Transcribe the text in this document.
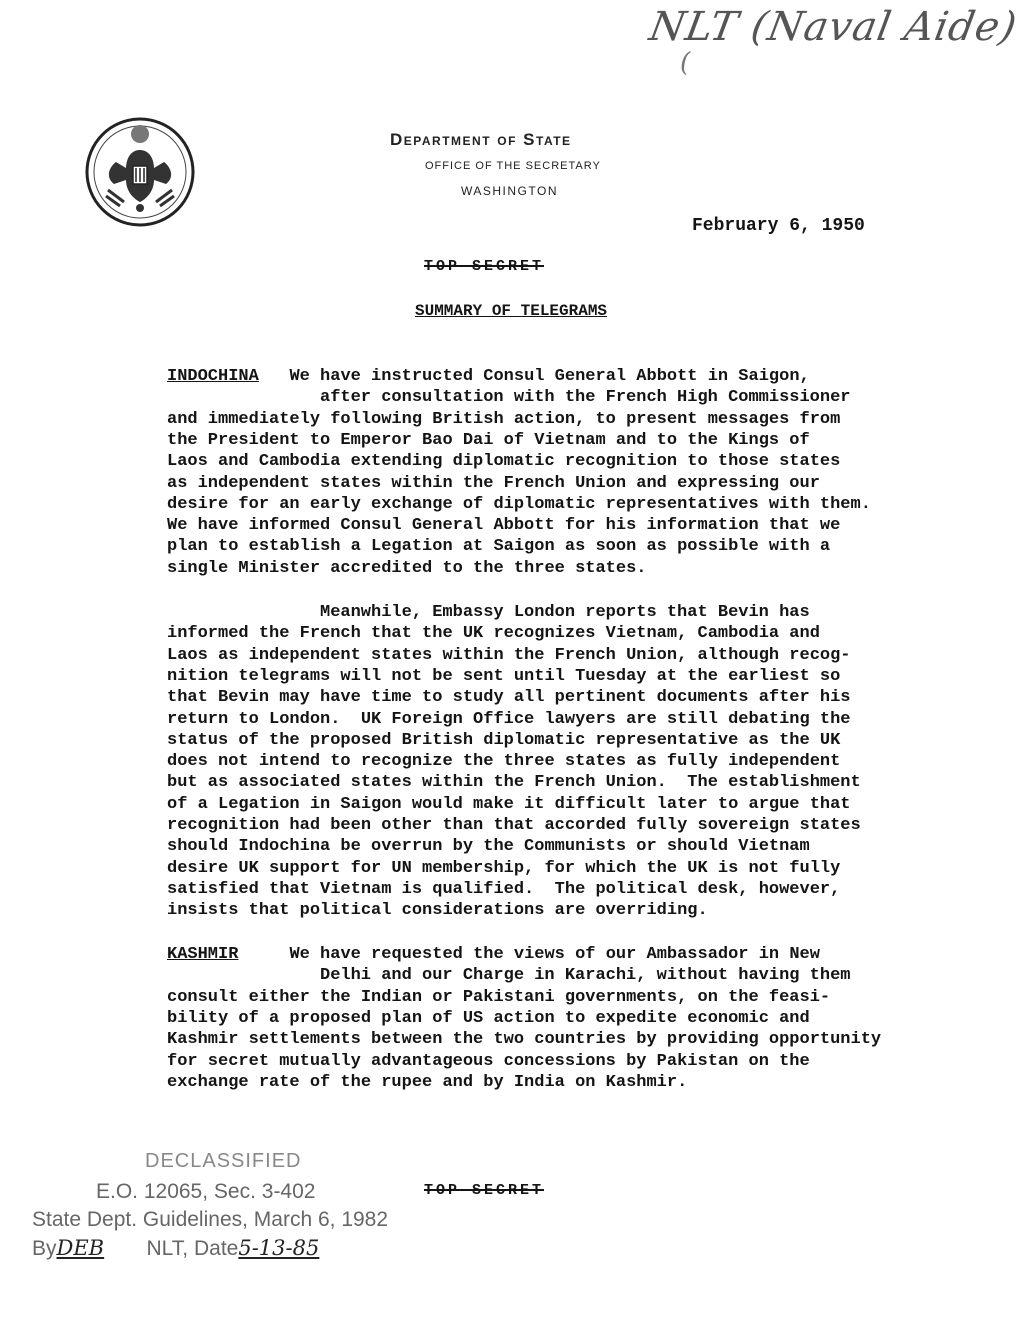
NLT (Naval Aide)
(
Department of State
OFFICE OF THE SECRETARY
WASHINGTON
February 6, 1950
TOP SECRET
SUMMARY OF TELEGRAMS
INDOCHINA We have instructed Consul General Abbott in Saigon,
after consultation with the French High Commissioner
and immediately following British action, to present messages from
the President to Emperor Bao Dai of Vietnam and to the Kings of
Laos and Cambodia extending diplomatic recognition to those states
as independent states within the French Union and expressing our
desire for an early exchange of diplomatic representatives with them.
We have informed Consul General Abbott for his information that we
plan to establish a Legation at Saigon as soon as possible with a
single Minister accredited to the three states.
Meanwhile, Embassy London reports that Bevin has
informed the French that the UK recognizes Vietnam, Cambodia and
Laos as independent states within the French Union, although recog-
nition telegrams will not be sent until Tuesday at the earliest so
that Bevin may have time to study all pertinent documents after his
return to London.  UK Foreign Office lawyers are still debating the
status of the proposed British diplomatic representative as the UK
does not intend to recognize the three states as fully independent
but as associated states within the French Union.  The establishment
of a Legation in Saigon would make it difficult later to argue that
recognition had been other than that accorded fully sovereign states
should Indochina be overrun by the Communists or should Vietnam
desire UK support for UN membership, for which the UK is not fully
satisfied that Vietnam is qualified.  The political desk, however,
insists that political considerations are overriding.
KASHMIR	We have requested the views of our Ambassador in New
Delhi and our Charge in Karachi, without having them
consult either the Indian or Pakistani governments, on the feasi-
bility of a proposed plan of US action to expedite economic and
Kashmir settlements between the two countries by providing opportunity
for secret mutually advantageous concessions by Pakistan on the
exchange rate of the rupee and by India on Kashmir.
DECLASSIFIED
E.O. 12065, Sec. 3-402
State Dept. Guidelines, March 6, 1982
ByDEB NLT, Date5-13-85
TOP SECRET
